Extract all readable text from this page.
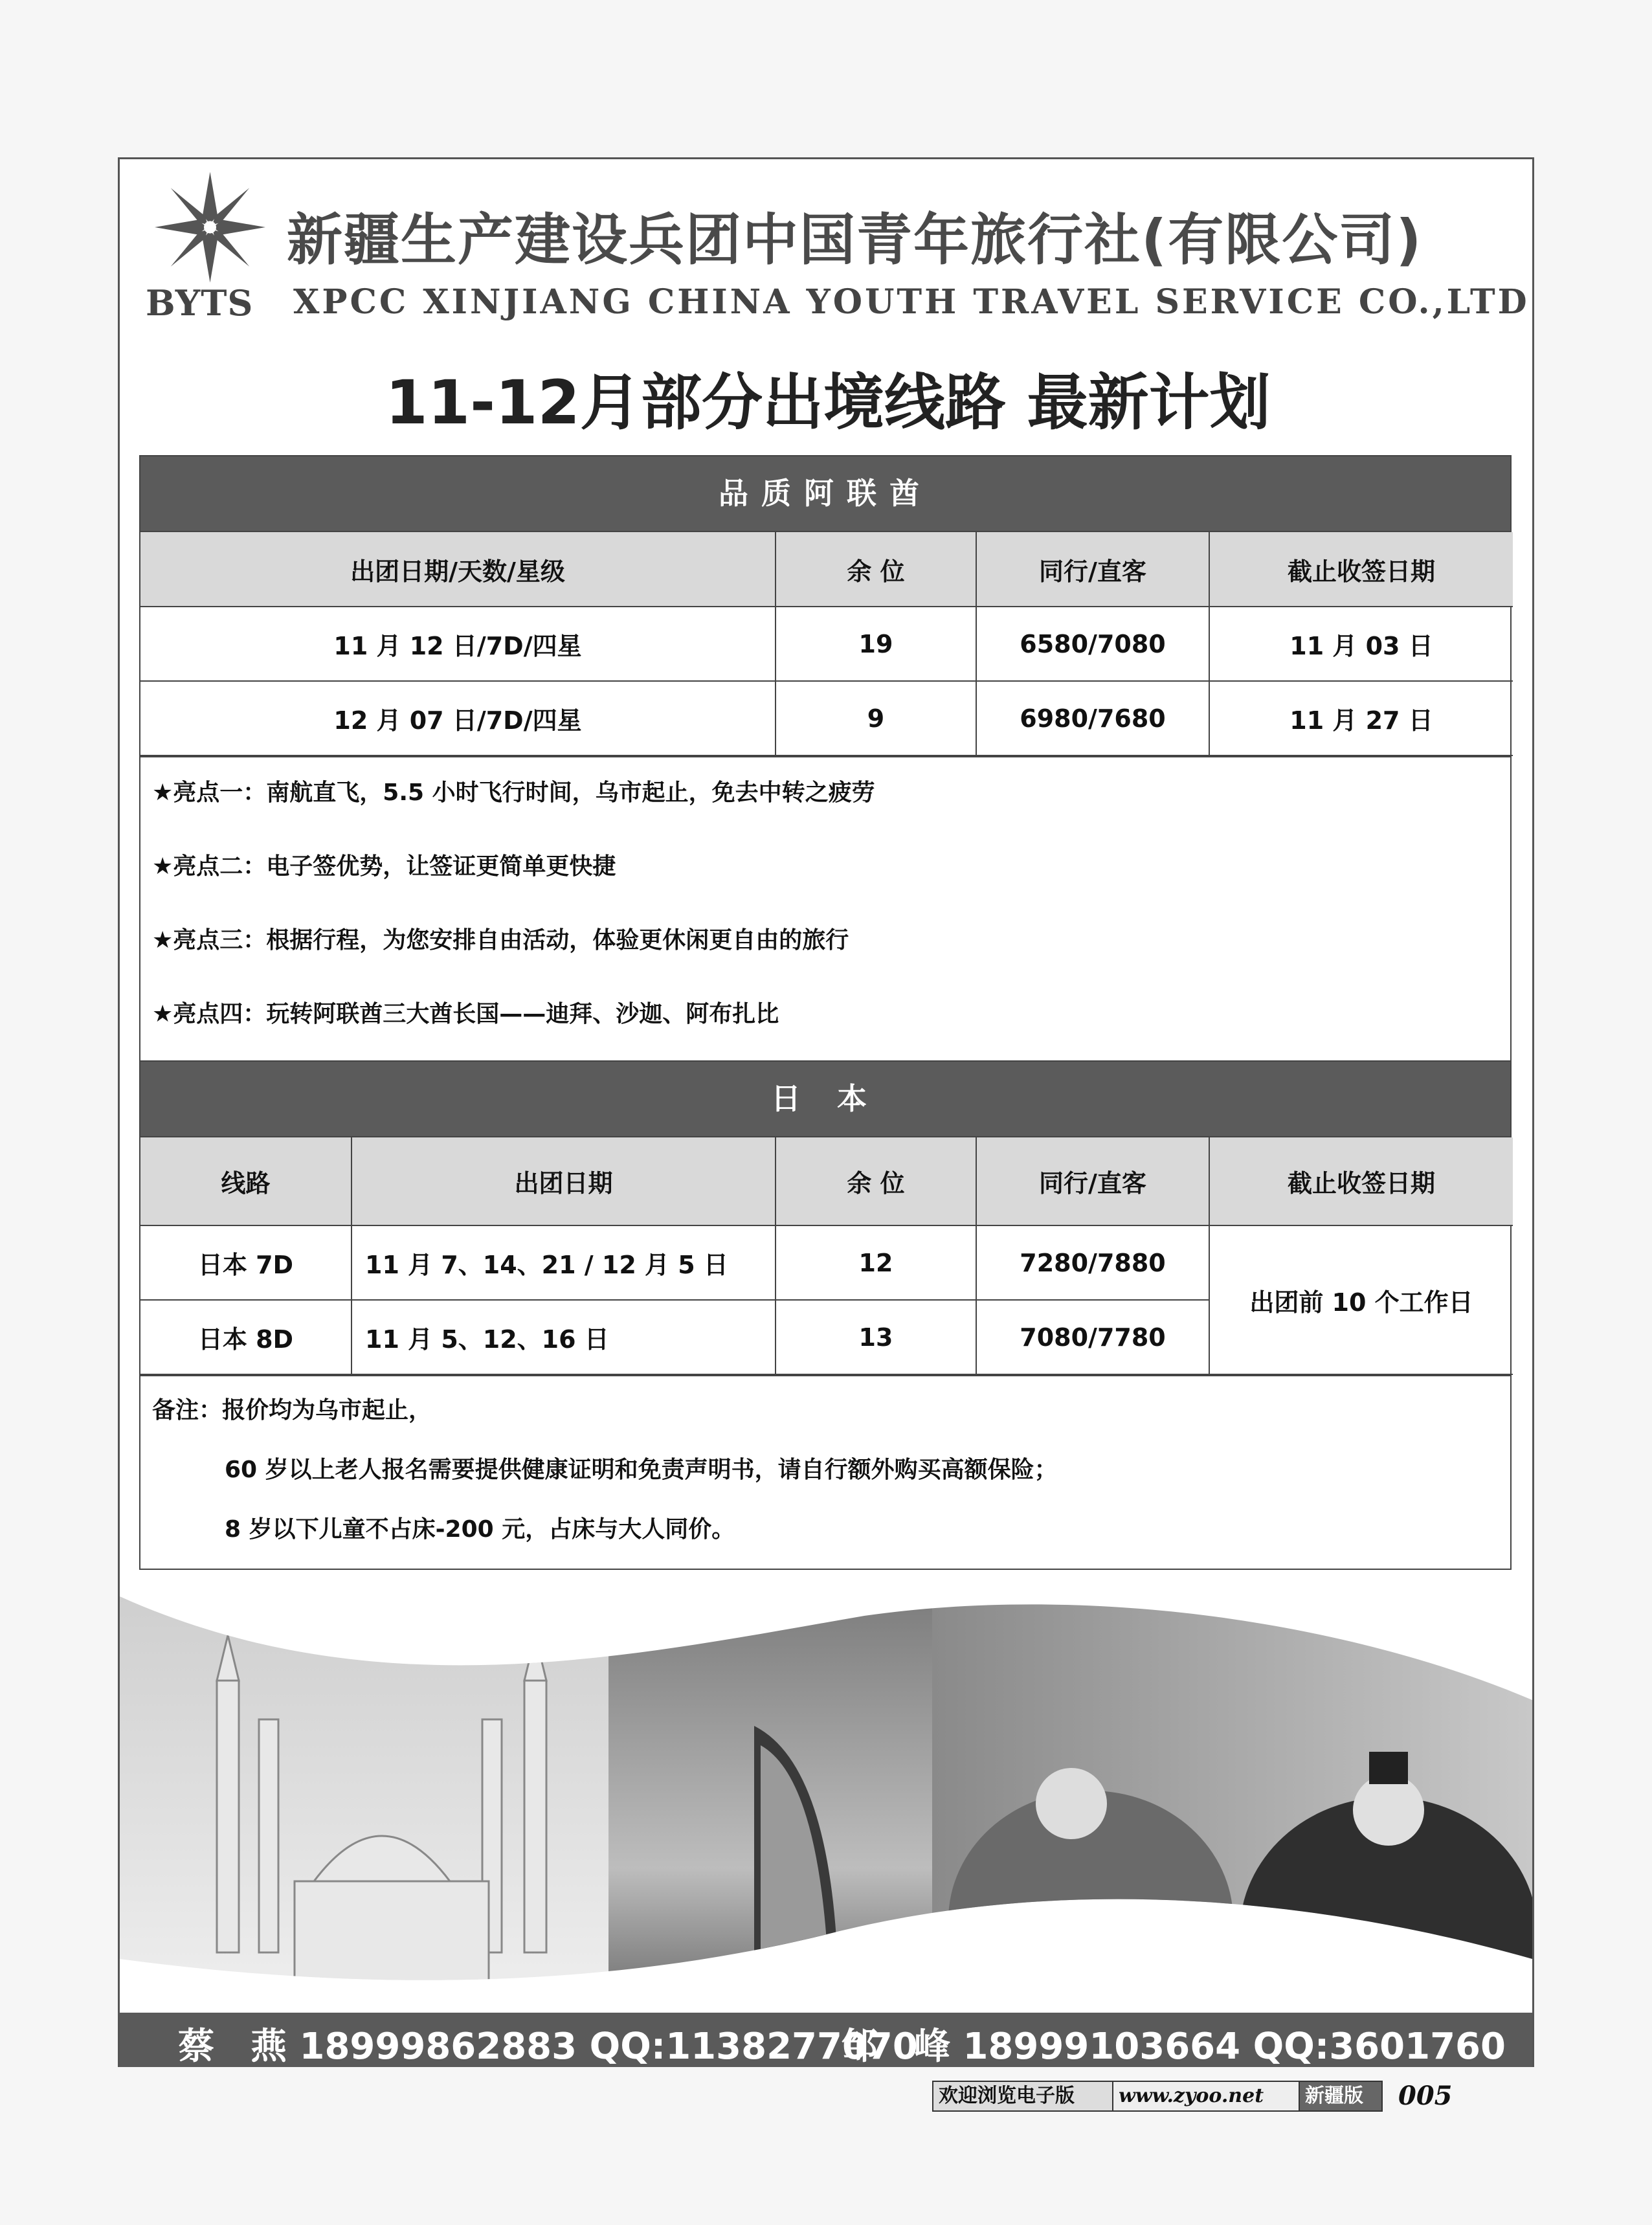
新疆生产建设兵团中国青年旅行社(有限公司)
BYTS XPCC XINJIANG CHINA YOUTH TRAVEL SERVICE CO.,LTD
11-12月部分出境线路 最新计划
品质阿联酋
出团日期/天数/星级	余 位	同行/直客	截止收签日期
11 月 12 日/7D/四星	19	6580/7080	11 月 03 日
12 月 07 日/7D/四星	9	6980/7680	11 月 27 日
★亮点一：南航直飞，5.5 小时飞行时间，乌市起止，免去中转之疲劳
★亮点二：电子签优势，让签证更简单更快捷
★亮点三：根据行程，为您安排自由活动，体验更休闲更自由的旅行
★亮点四：玩转阿联酋三大酋长国——迪拜、沙迦、阿布扎比
日 本
线路	出团日期	余 位	同行/直客	截止收签日期
日本 7D	11 月 7、14、21 / 12 月 5 日	12	7280/7880	出团前 10 个工作日
日本 8D	11 月 5、12、16 日	13	7080/7780	
备注：报价均为乌市起止，
60 岁以上老人报名需要提供健康证明和免责声明书，请自行额外购买高额保险；
8 岁以下儿童不占床-200 元，占床与大人同价。
蔡　燕 18999862883 QQ:1138277070
邹　峰 18999103664 QQ:3601760
欢迎浏览电子版	www.zyoo.net	新疆版	005
